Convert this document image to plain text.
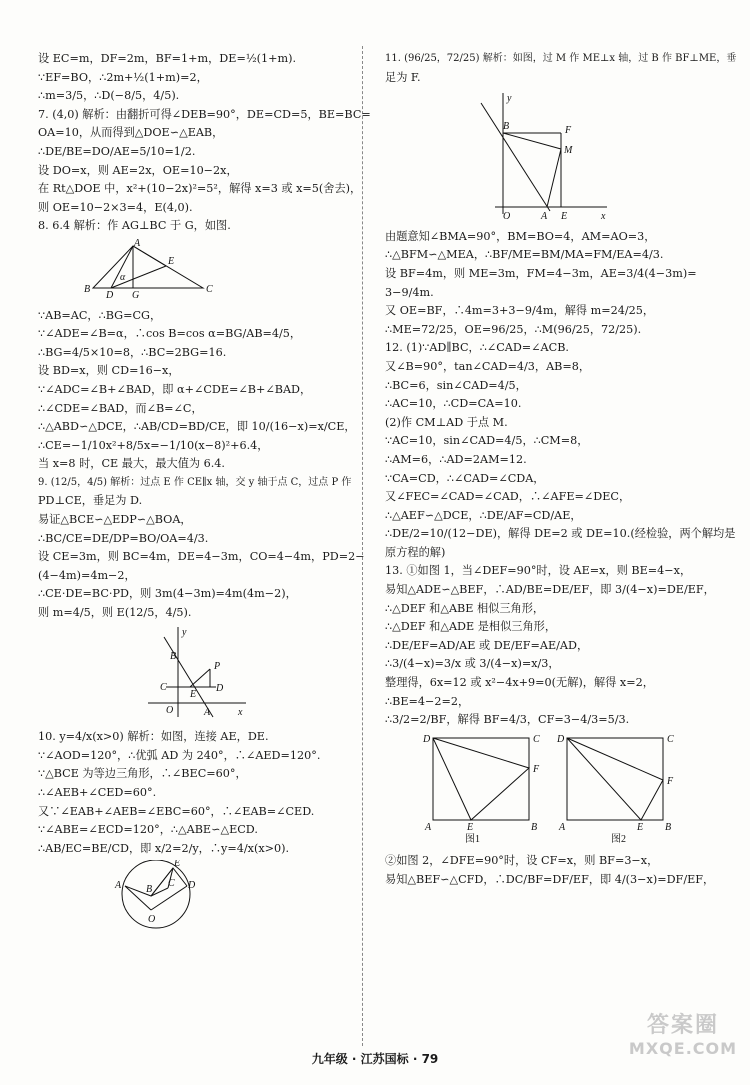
设 EC=m，DF=2m，BF=1+m，DE=½(1+m).
∵EF=BO，∴2m+½(1+m)=2，
∴m=3/5，∴D(−8/5，4/5).
7. (4,0) 解析：由翻折可得∠DEB=90°，DE=CD=5，BE=BC=
OA=10，从而得到△DOE∽△EAB，
∴DE/BE=DO/AE=5/10=1/2.
设 DO=x，则 AE=2x，OE=10−2x，
在 Rt△DOE 中，x²+(10−2x)²=5²，解得 x=3 或 x=5(舍去)，
则 OE=10−2×3=4，E(4,0).
8. 6.4 解析：作 AG⊥BC 于 G，如图.
A
B
D G
E
C
α
∵AB=AC，∴BG=CG，
∵∠ADE=∠B=α，∴cos B=cos α=BG/AB=4/5，
∴BG=4/5×10=8，∴BC=2BG=16.
设 BD=x，则 CD=16−x，
∵∠ADC=∠B+∠BAD，即 α+∠CDE=∠B+∠BAD，
∴∠CDE=∠BAD，而∠B=∠C，
∴△ABD∽△DCE，∴AB/CD=BD/CE，即 10/(16−x)=x/CE，
∴CE=−1/10x²+8/5x=−1/10(x−8)²+6.4，
当 x=8 时，CE 最大，最大值为 6.4.
9. (12/5，4/5) 解析：过点 E 作 CE∥x 轴，交 y 轴于点 C，过点 P 作
PD⊥CE，垂足为 D.
易证△BCE∽△EDP∽△BOA，
∴BC/CE=DE/DP=BO/OA=4/3.
设 CE=3m，则 BC=4m，DE=4−3m，CO=4−4m，PD=2−
(4−4m)=4m−2，
∴CE·DE=BC·PD，则 3m(4−3m)=4m(4m−2)，
则 m=4/5，则 E(12/5，4/5).
y
B
P
C
E
D
O	A	x
10. y=4/x(x>0) 解析：如图，连接 AE，DE.
∵∠AOD=120°，∴优弧 AD 为 240°，∴∠AED=120°.
∵△BCE 为等边三角形，∴∠BEC=60°，
∴∠AEB+∠CED=60°.
又∵∠EAB+∠AEB=∠EBC=60°，∴∠EAB=∠CED.
∵∠ABE=∠ECD=120°，∴△ABE∽△ECD.
∴AB/EC=BE/CD，即 x/2=2/y，∴y=4/x(x>0).
A
E
B
C D
O
11. (96/25，72/25) 解析：如图，过 M 作 ME⊥x 轴，过 B 作 BF⊥ME，垂
足为 F.
y
B	F
M
O	A E	x
由题意知∠BMA=90°，BM=BO=4，AM=AO=3，
∴△BFM∽△MEA，∴BF/ME=BM/MA=FM/EA=4/3.
设 BF=4m，则 ME=3m，FM=4−3m，AE=3/4(4−3m)=
3−9/4m.
又 OE=BF，∴4m=3+3−9/4m，解得 m=24/25，
∴ME=72/25，OE=96/25，∴M(96/25，72/25).
12. (1)∵AD∥BC，∴∠CAD=∠ACB.
又∠B=90°，tan∠CAD=4/3，AB=8，
∴BC=6，sin∠CAD=4/5，
∴AC=10，∴CD=CA=10.
(2)作 CM⊥AD 于点 M.
∵AC=10，sin∠CAD=4/5，∴CM=8，
∴AM=6，∴AD=2AM=12.
∵CA=CD，∴∠CAD=∠CDA，
又∠FEC=∠CAD=∠CAD，∴∠AFE=∠DEC，
∴△AEF∽△DCE，∴DE/AF=CD/AE，
∴DE/2=10/(12−DE)，解得 DE=2 或 DE=10.(经检验，两个解均是
原方程的解)
13. ①如图 1，当∠DEF=90°时，设 AE=x，则 BE=4−x，
易知△ADE∽△BEF，∴AD/BE=DE/EF，即 3/(4−x)=DE/EF，
∴△DEF 和△ABE 相似三角形，
∴△DEF 和△ADE 是相似三角形，
∴DE/EF=AD/AE 或 DE/EF=AE/AD，
∴3/(4−x)=3/x 或 3/(4−x)=x/3，
整理得，6x=12 或 x²−4x+9=0(无解)，解得 x=2，
∴BE=4−2=2，
∴3/2=2/BF，解得 BF=4/3，CF=3−4/3=5/3.
D	C
F
A	E	B
图1
D	C
F
A	E B
图2
②如图 2，∠DFE=90°时，设 CF=x，则 BF=3−x，
易知△BEF∽△CFD，∴DC/BF=DF/EF，即 4/(3−x)=DF/EF，
九年级 · 江苏国标 · 79
答案圈
MXQE.COM
